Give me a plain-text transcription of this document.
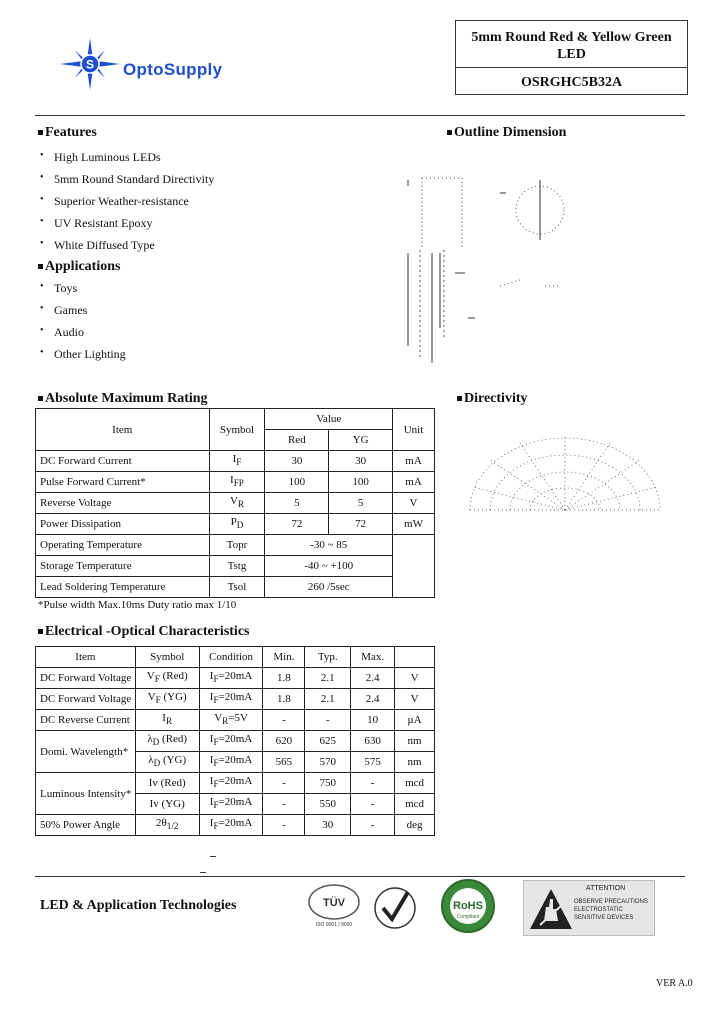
S OptoSupply
5mm Round Red & Yellow Green
LED
OSRGHC5B32A
Features
• High Luminous LEDs
• 5mm Round Standard Directivity
• Superior Weather-resistance
• UV Resistant Epoxy
• White Diffused Type
Applications
• Toys
• Games
• Audio
• Other Lighting
Outline Dimension
Directivity
Absolute Maximum Rating
Item	Symbol	Value		Unit
		Red	YG	
DC Forward Current	$I_F$	30	30	mA
Pulse Forward Current*	$I_{FP}$	100	100	mA
Reverse Voltage	$V_R$	5	5	V
Power Dissipation	$P_D$	72	72	mW
Operating Temperature	Topr	-30 ~ 85		
Storage Temperature	Tstg	-40 ~ +100		
Lead Soldering Temperature	Tsol	260 /5sec		
*Pulse width Max.10ms Duty ratio max 1/10
Electrical -Optical Characteristics
Item	Symbol	Condition	Min.	Typ.	Max.	
DC Forward Voltage	$V_F$ (Red)	$I_F=20mA$	1.8	2.1	2.4	V
DC Forward Voltage	$V_F$ (YG)	$I_F=20mA$	1.8	2.1	2.4	V
DC Reverse Current	$I_R$	$V_R=5V$	-	-	10	µA
Domi. Wavelength*	$\lambda_D$ (Red)	$I_F=20mA$	620	625	630	nm
	$\lambda_D$ (YG)	$I_F=20mA$	565	570	575	nm
Luminous Intensity*	Iv (Red)	$I_F=20mA$	-	750	-	mcd
	Iv (YG)	$I_F=20mA$	-	550	-	mcd
50% Power Angle	$2\theta_{1/2}$	$I_F=20mA$	-	30	-	deg
LED & Application Technologies	TÜV
ISO 9001 | 9000
RoHS
Compliant
ATTENTION
OBSERVE PRECAUTIONS
ELECTROSTATIC
SENSITIVE DEVICES
VER A.0
